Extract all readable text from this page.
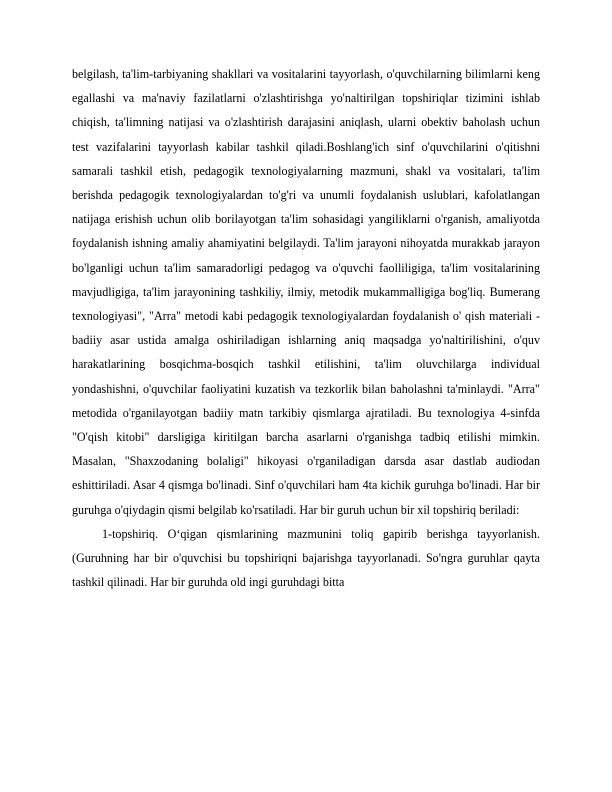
belgilash, ta'lim-tarbiyaning shakllari va vositalarini tayyorlash, o'quvchilarning bilimlarni keng egallashi va ma'naviy fazilatlarni o'zlashtirishga yo'naltirilgan topshiriqlar tizimini ishlab chiqish, ta'limning natijasi va o'zlashtirish darajasini aniqlash, ularni obektiv baholash uchun test vazifalarini tayyorlash kabilar tashkil qiladi.Boshlang'ich sinf o'quvchilarini o'qitishni samarali tashkil etish, pedagogik texnologiyalarning mazmuni, shakl va vositalari, ta'lim berishda pedagogik texnologiyalardan to'g'ri va unumli foydalanish uslublari, kafolatlangan natijaga erishish uchun olib borilayotgan ta'lim sohasidagi yangiliklarni o'rganish, amaliyotda foydalanish ishning amaliy ahamiyatini belgilaydi. Ta'lim jarayoni nihoyatda murakkab jarayon bo'lganligi uchun ta'lim samaradorligi pedagog va o'quvchi faolliligiga, ta'lim vositalarining mavjudligiga, ta'lim jarayonining tashkiliy, ilmiy, metodik mukammalligiga bog'liq. Bumerang texnologiyasi", "Arra" metodi kabi pedagogik texnologiyalardan foydalanish o' qish materiali - badiiy asar ustida amalga oshiriladigan ishlarning aniq maqsadga yo'naltirilishini, o'quv harakatlarining bosqichma-bosqich tashkil etilishini, ta'lim oluvchilarga individual yondashishni, o'quvchilar faoliyatini kuzatish va tezkorlik bilan baholashni ta'minlaydi. "Arra" metodida o'rganilayotgan badiiy matn tarkibiy qismlarga ajratiladi. Bu texnologiya 4-sinfda "O'qish kitobi" darsligiga kiritilgan barcha asarlarni o'rganishga tadbiq etilishi mimkin. Masalan, "Shaxzodaning bolaligi" hikoyasi o'rganiladigan darsda asar dastlab audiodan eshittiriladi. Asar 4 qismga bo'linadi. Sinf o'quvchilari ham 4ta kichik guruhga bo'linadi. Har bir guruhga o'qiydagin qismi belgilab ko'rsatiladi. Har bir guruh uchun bir xil topshiriq beriladi:

1-topshiriq. O‘qigan qismlarining mazmunini toliq gapirib berishga tayyorlanish. (Guruhning har bir o'quvchisi bu topshiriqni bajarishga tayyorlanadi. So'ngra guruhlar qayta tashkil qilinadi. Har bir guruhda old ingi guruhdagi bitta
